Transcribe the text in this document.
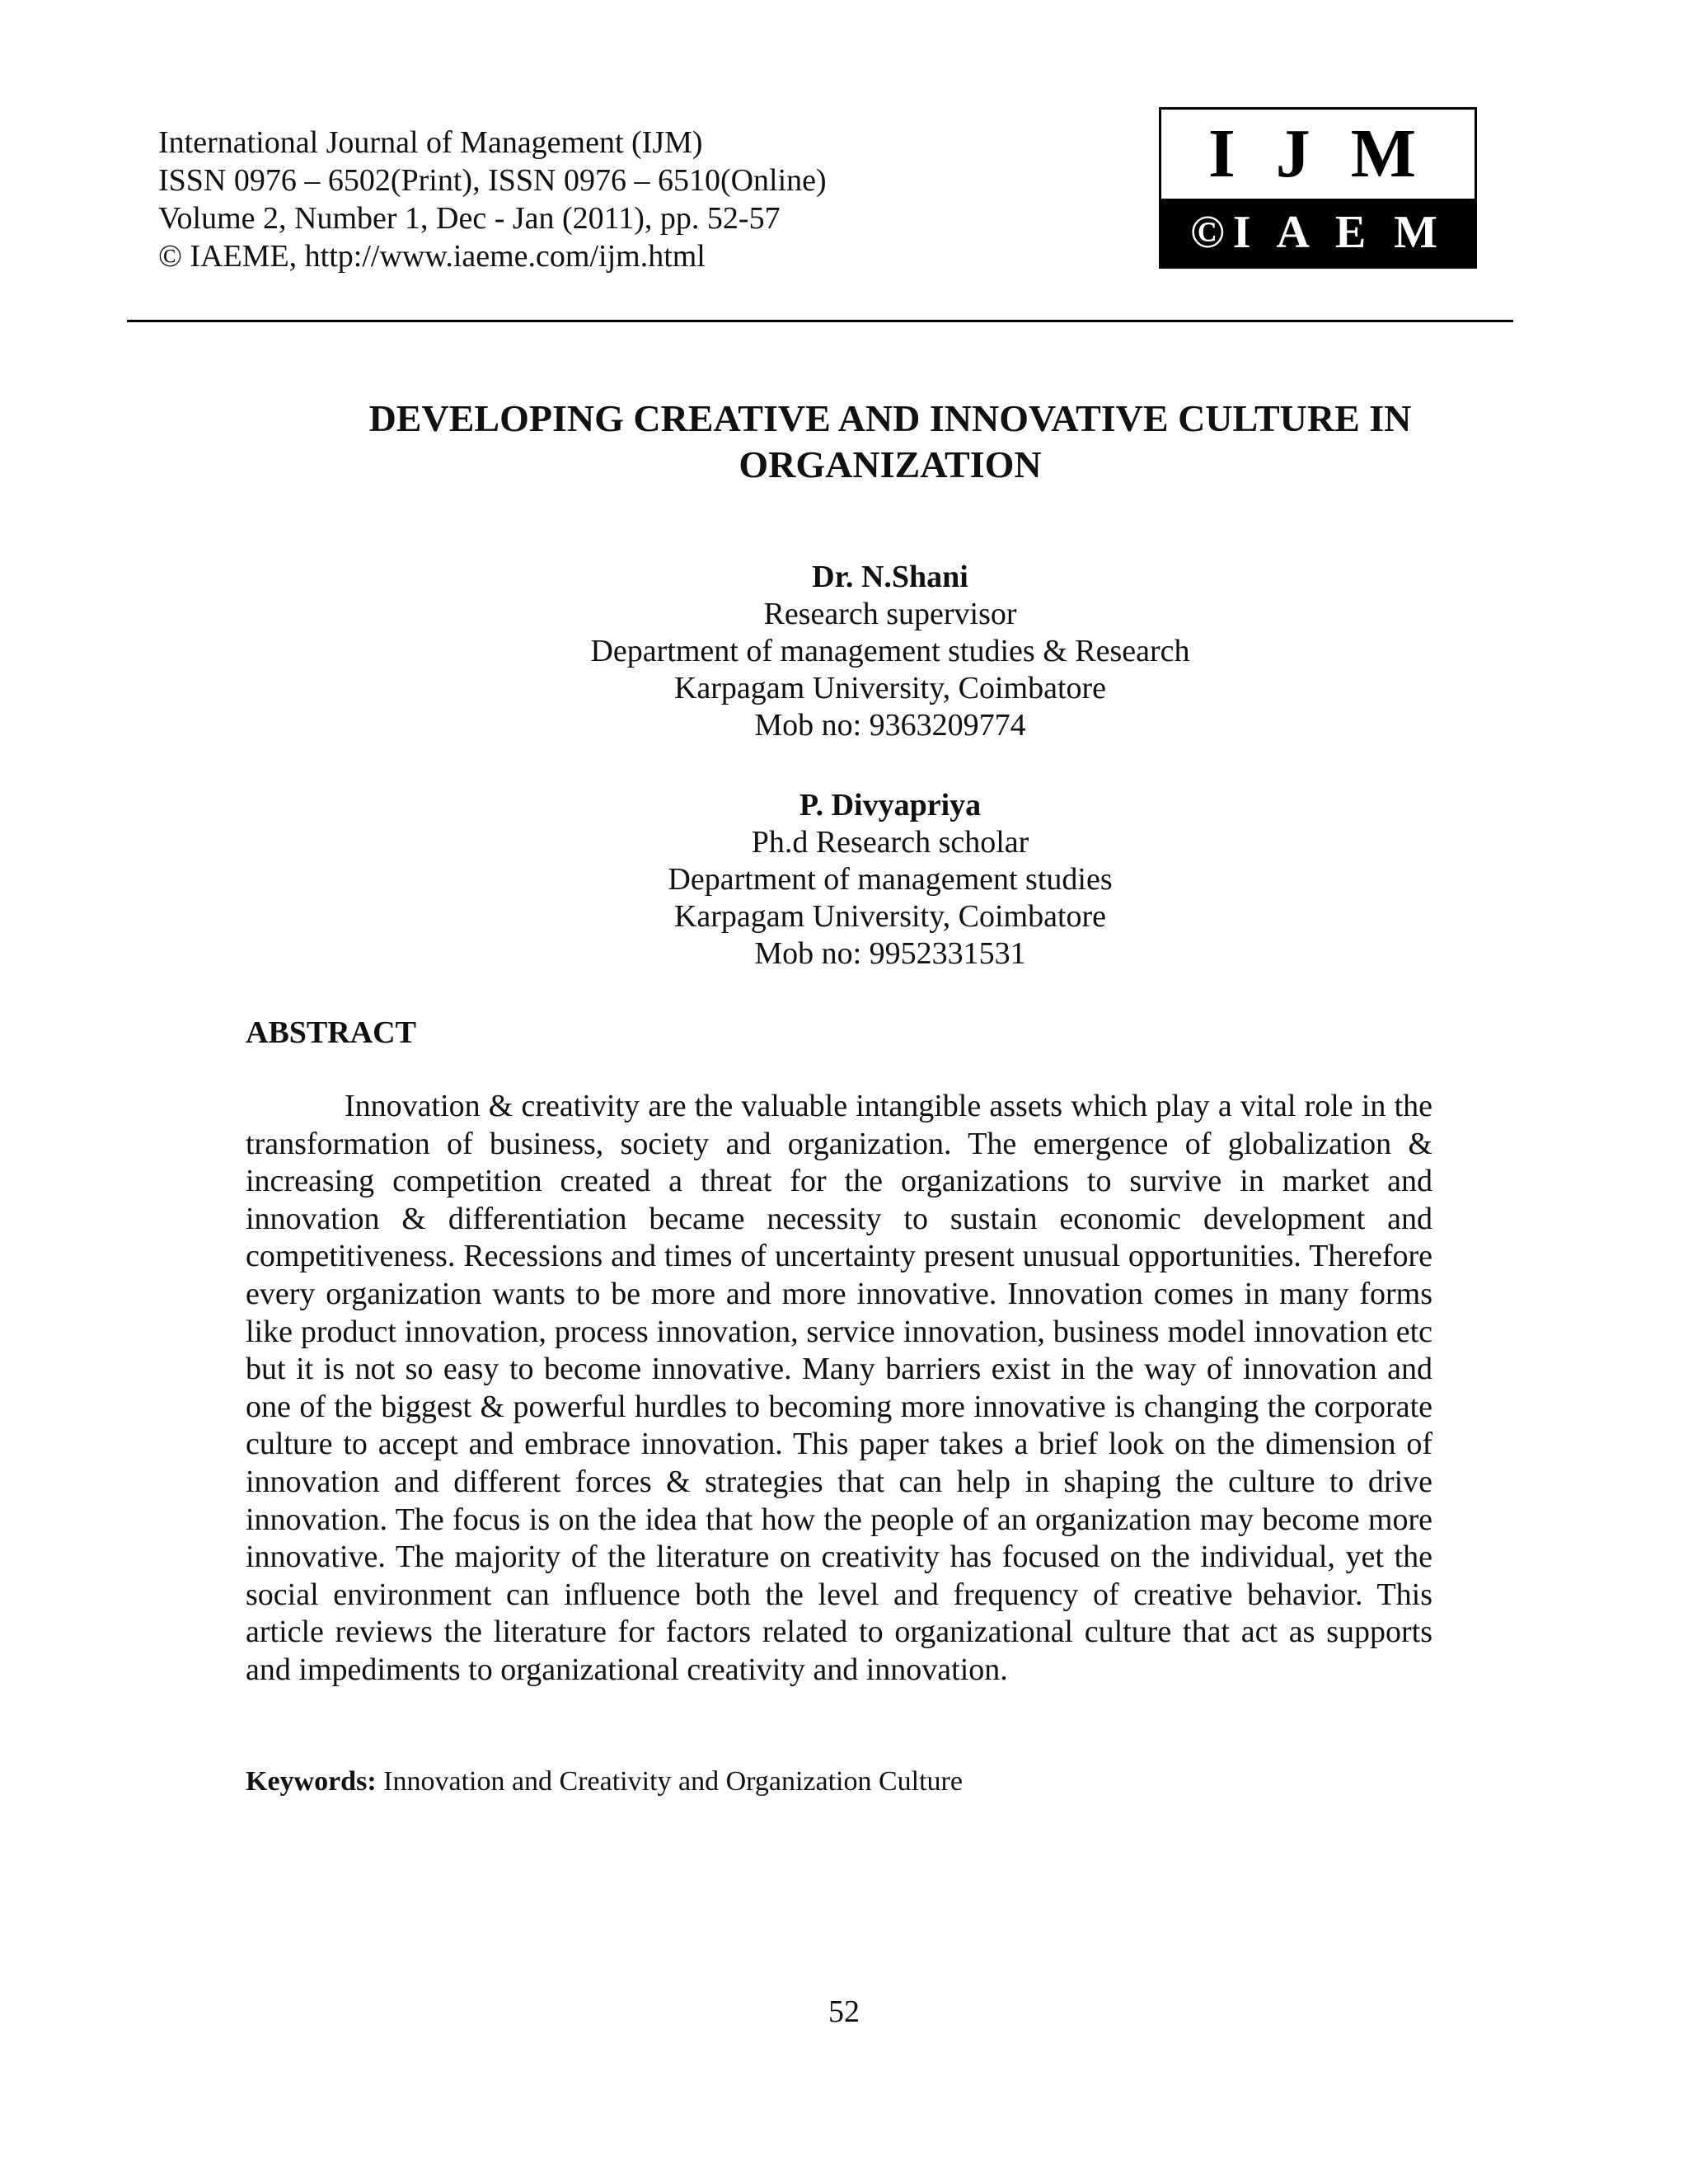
International Journal of Management (IJM)
ISSN 0976 – 6502(Print), ISSN 0976 – 6510(Online)
Volume 2, Number 1, Dec - Jan (2011), pp. 52-57
© IAEME, http://www.iaeme.com/ijm.html
I J M
©I A E M E
DEVELOPING CREATIVE AND INNOVATIVE CULTURE IN
ORGANIZATION
Dr. N.Shani
Research supervisor
Department of management studies & Research
Karpagam University, Coimbatore
Mob no: 9363209774
P. Divyapriya
Ph.d Research scholar
Department of management studies
Karpagam University, Coimbatore
Mob no: 9952331531
ABSTRACT
Innovation & creativity are the valuable intangible assets which play a vital role in the transformation of business, society and organization. The emergence of globalization & increasing competition created a threat for the organizations to survive in market and innovation & differentiation became necessity to sustain economic development and competitiveness. Recessions and times of uncertainty present unusual opportunities. Therefore every organization wants to be more and more innovative. Innovation comes in many forms like product innovation, process innovation, service innovation, business model innovation etc but it is not so easy to become innovative. Many barriers exist in the way of innovation and one of the biggest & powerful hurdles to becoming more innovative is changing the corporate culture to accept and embrace innovation. This paper takes a brief look on the dimension of innovation and different forces & strategies that can help in shaping the culture to drive innovation. The focus is on the idea that how the people of an organization may become more innovative. The majority of the literature on creativity has focused on the individual, yet the social environment can influence both the level and frequency of creative behavior. This article reviews the literature for factors related to organizational culture that act as supports and impediments to organizational creativity and innovation.
Keywords: Innovation and Creativity and Organization Culture
52
